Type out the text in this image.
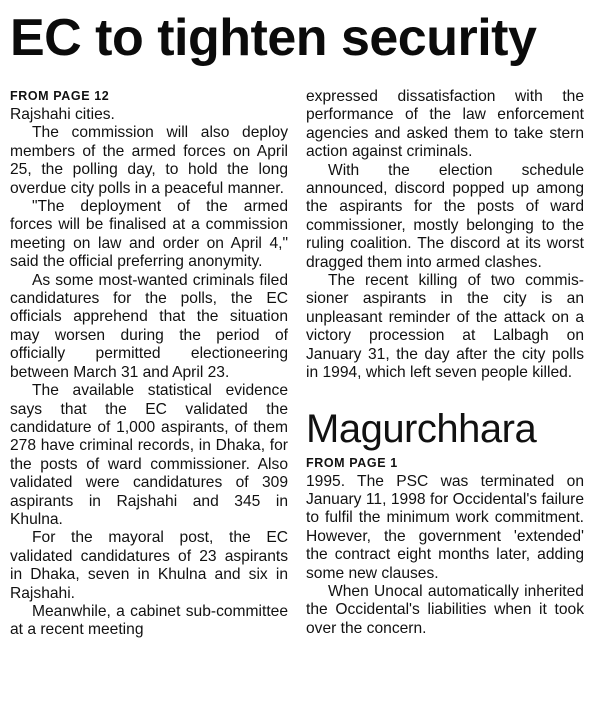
EC to tighten security
FROM PAGE 12

Rajshahi cities.

The commission will also deploy members of the armed forces on April 25, the polling day, to hold the long overdue city polls in a peaceful manner.

"The deployment of the armed forces will be finalised at a commission meeting on law and order on April 4," said the official preferring anonymity.

As some most-wanted criminals filed candidatures for the polls, the EC officials apprehend that the situation may worsen during the period of officially permitted electioneering between March 31 and April 23.

The available statistical evidence says that the EC validated the candidature of 1,000 aspirants, of them 278 have criminal records, in Dhaka, for the posts of ward commissioner. Also validated were candidatures of 309 aspirants in Rajshahi and 345 in Khulna.

For the mayoral post, the EC validated candidatures of 23 aspirants in Dhaka, seven in Khulna and six in Rajshahi.

Meanwhile, a cabinet sub-committee at a recent meeting

expressed dissatisfaction with the performance of the law enforcement agencies and asked them to take stern action against criminals.

With the election schedule announced, discord popped up among the aspirants for the posts of ward commissioner, mostly belonging to the ruling coalition. The discord at its worst dragged them into armed clashes.

The recent killing of two commissioner aspirants in the city is an unpleasant reminder of the attack on a victory procession at Lalbagh on January 31, the day after the city polls in 1994, which left seven people killed.

Magurchhara
FROM PAGE 1

1995. The PSC was terminated on January 11, 1998 for Occidental's failure to fulfil the minimum work commitment. However, the government 'extended' the contract eight months later, adding some new clauses.

When Unocal automatically inherited the Occidental's liabilities when it took over the concern.
